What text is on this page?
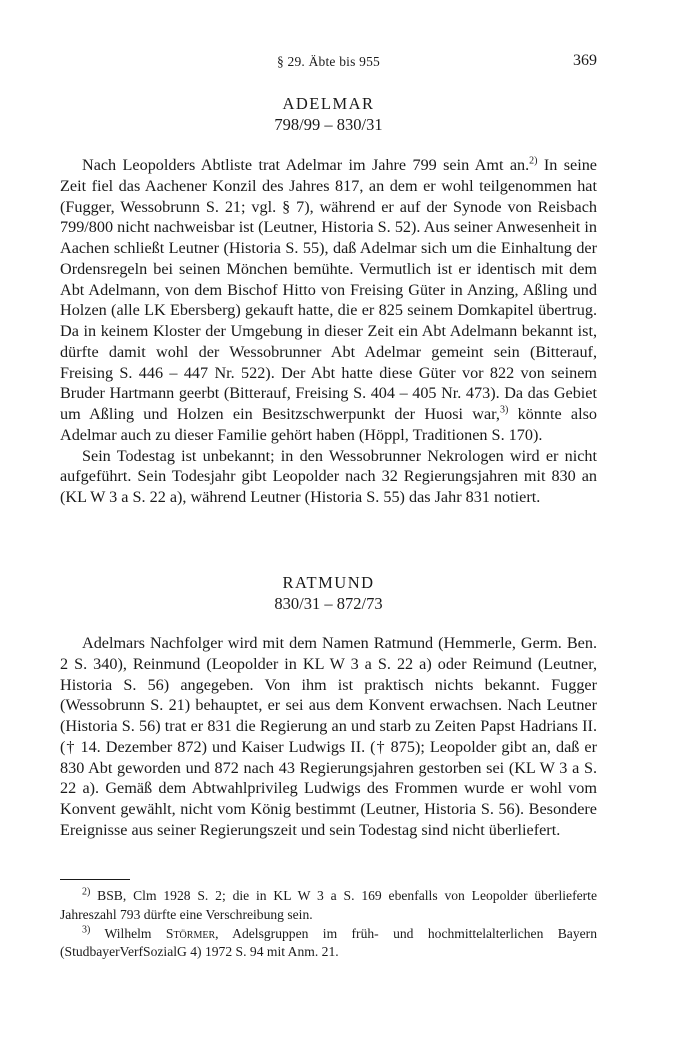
§ 29. Äbte bis 955	369
ADELMAR
798/99 – 830/31

Nach Leopolders Abtliste trat Adelmar im Jahre 799 sein Amt an.$^{2)}$ In seine Zeit fiel das Aachener Konzil des Jahres 817, an dem er wohl teilgenommen hat (Fugger, Wessobrunn S. 21; vgl. § 7), während er auf der Synode von Reisbach 799/800 nicht nachweisbar ist (Leutner, Historia S. 52). Aus seiner Anwesenheit in Aachen schließt Leutner (Historia S. 55), daß Adelmar sich um die Einhaltung der Ordensregeln bei seinen Mönchen bemühte. Vermutlich ist er identisch mit dem Abt Adelmann, von dem Bischof Hitto von Freising Güter in Anzing, Aßling und Holzen (alle LK Ebersberg) gekauft hatte, die er 825 seinem Domkapitel übertrug. Da in keinem Kloster der Umgebung in dieser Zeit ein Abt Adelmann bekannt ist, dürfte damit wohl der Wessobrunner Abt Adelmar gemeint sein (Bitterauf, Freising S. 446 – 447 Nr. 522). Der Abt hatte diese Güter vor 822 von seinem Bruder Hartmann geerbt (Bitterauf, Freising S. 404 – 405 Nr. 473). Da das Gebiet um Aßling und Holzen ein Besitzschwerpunkt der Huosi war,$^{3)}$ könnte also Adelmar auch zu dieser Familie gehört haben (Höppl, Traditionen S. 170).

Sein Todestag ist unbekannt; in den Wessobrunner Nekrologen wird er nicht aufgeführt. Sein Todesjahr gibt Leopolder nach 32 Regierungsjahren mit 830 an (KL W 3 a S. 22 a), während Leutner (Historia S. 55) das Jahr 831 notiert.

RATMUND
830/31 – 872/73

Adelmars Nachfolger wird mit dem Namen Ratmund (Hemmerle, Germ. Ben. 2 S. 340), Reinmund (Leopolder in KL W 3 a S. 22 a) oder Reimund (Leutner, Historia S. 56) angegeben. Von ihm ist praktisch nichts bekannt. Fugger (Wessobrunn S. 21) behauptet, er sei aus dem Konvent erwachsen. Nach Leutner (Historia S. 56) trat er 831 die Regierung an und starb zu Zeiten Papst Hadrians II. († 14. Dezember 872) und Kaiser Ludwigs II. († 875); Leopolder gibt an, daß er 830 Abt geworden und 872 nach 43 Regierungsjahren gestorben sei (KL W 3 a S. 22 a). Gemäß dem Abtwahlprivileg Ludwigs des Frommen wurde er wohl vom Konvent gewählt, nicht vom König bestimmt (Leutner, Historia S. 56). Besondere Ereignisse aus seiner Regierungszeit und sein Todestag sind nicht überliefert.

$^{2)}$ BSB, Clm 1928 S. 2; die in KL W 3 a S. 169 ebenfalls von Leopolder überlieferte Jahreszahl 793 dürfte eine Verschreibung sein.

$^{3)}$ Wilhelm Störmer, Adelsgruppen im früh- und hochmittelalterlichen Bayern (StudbayerVerfSozialG 4) 1972 S. 94 mit Anm. 21.
